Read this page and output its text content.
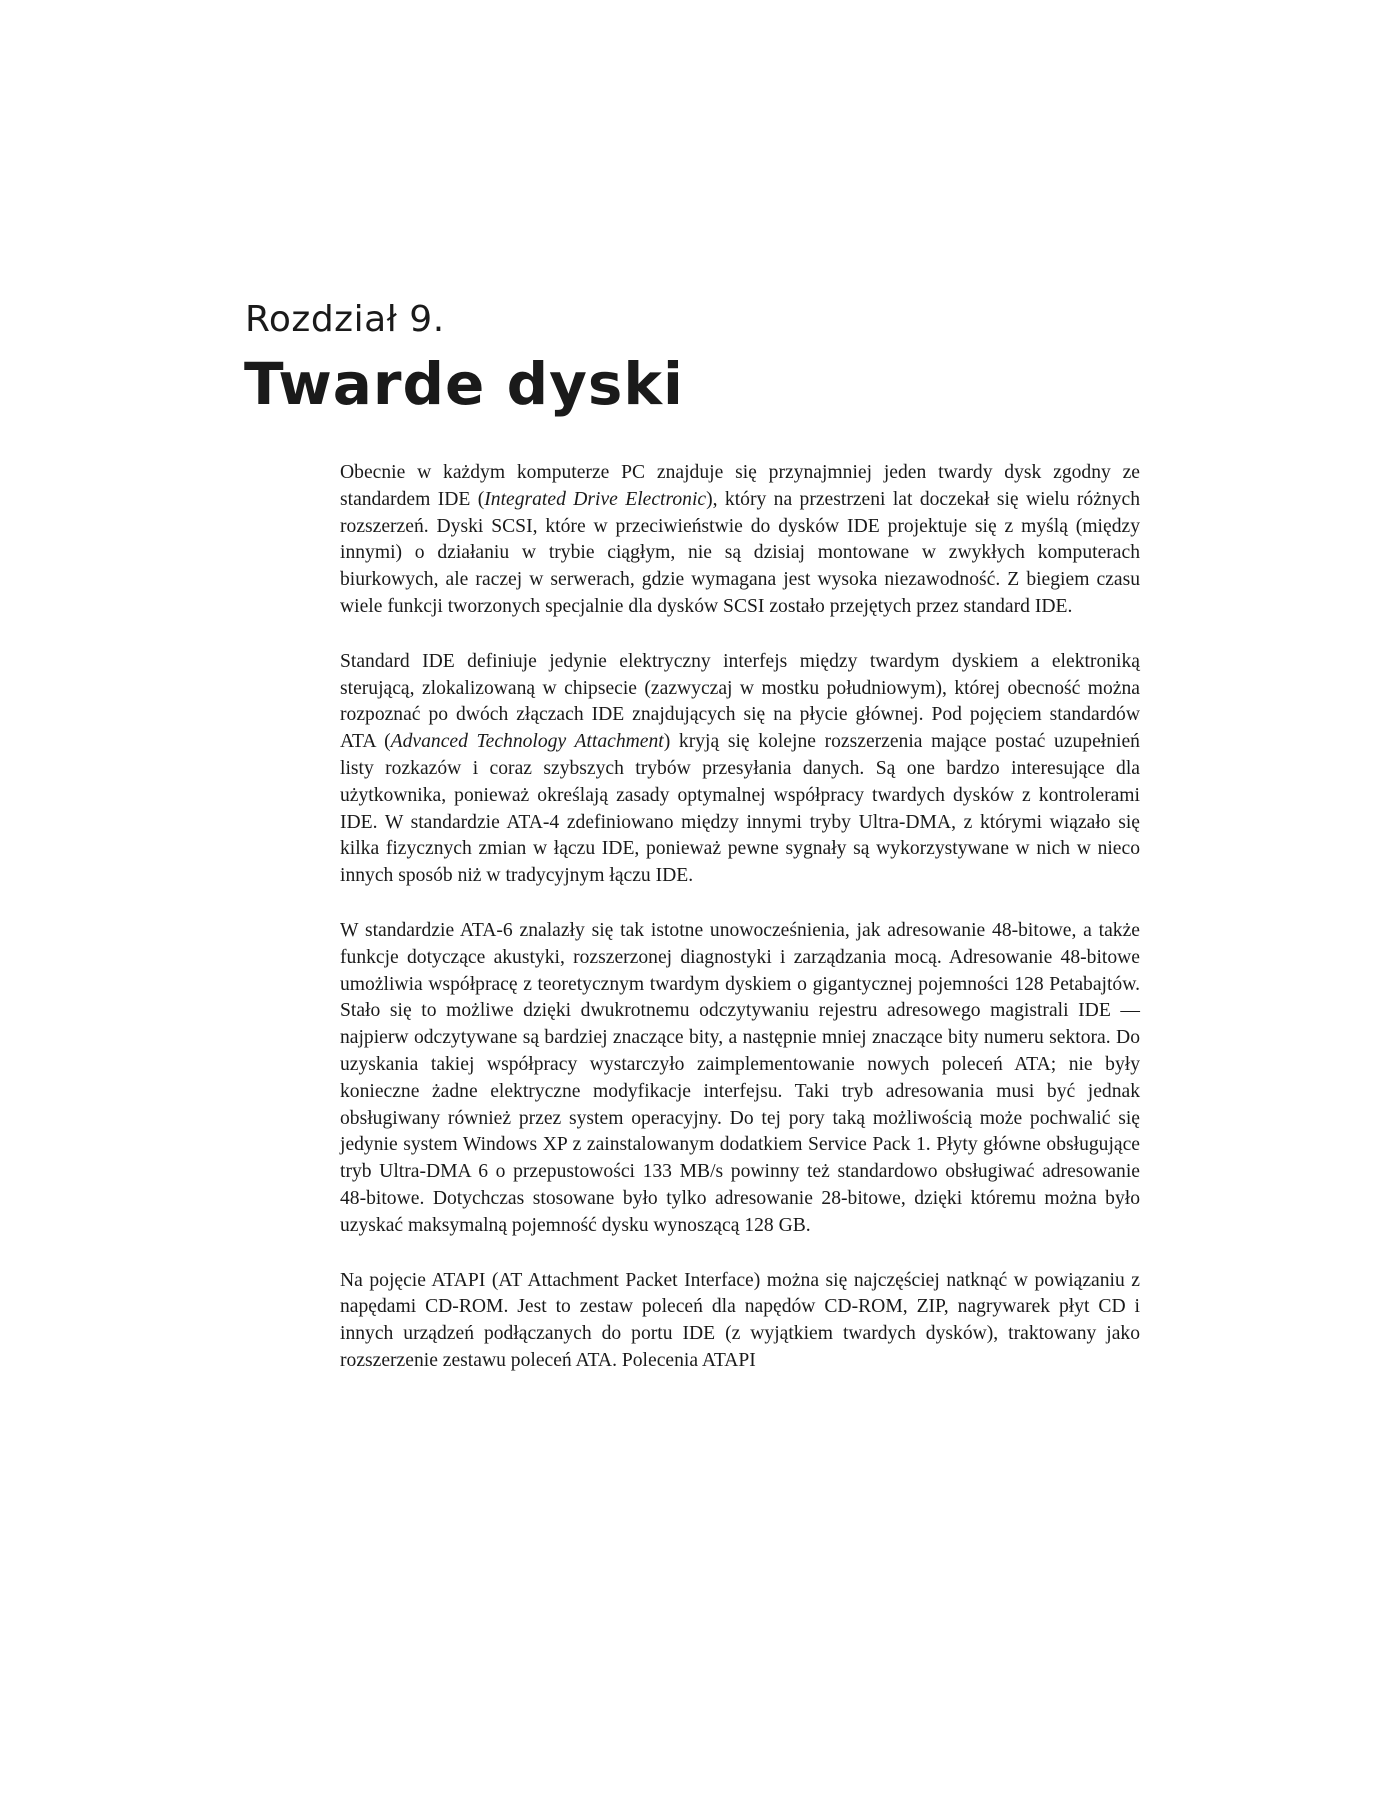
Rozdział 9.
Twarde dyski

Obecnie w każdym komputerze PC znajduje się przynajmniej jeden twardy dysk zgodny ze standardem IDE (Integrated Drive Electronic), który na przestrzeni lat doczekał się wielu różnych rozszerzeń. Dyski SCSI, które w przeciwieństwie do dysków IDE projektuje się z myślą (między innymi) o działaniu w trybie ciągłym, nie są dzisiaj montowane w zwykłych komputerach biurkowych, ale raczej w serwerach, gdzie wymagana jest wysoka niezawodność. Z biegiem czasu wiele funkcji tworzonych specjalnie dla dysków SCSI zostało przejętych przez standard IDE.

Standard IDE definiuje jedynie elektryczny interfejs między twardym dyskiem a elektroniką sterującą, zlokalizowaną w chipsecie (zazwyczaj w mostku południowym), której obecność można rozpoznać po dwóch złączach IDE znajdujących się na płycie głównej. Pod pojęciem standardów ATA (Advanced Technology Attachment) kryją się kolejne rozszerzenia mające postać uzupełnień listy rozkazów i coraz szybszych trybów przesyłania danych. Są one bardzo interesujące dla użytkownika, ponieważ określają zasady optymalnej współpracy twardych dysków z kontrolerami IDE. W standardzie ATA-4 zdefiniowano między innymi tryby Ultra-DMA, z którymi wiązało się kilka fizycznych zmian w łączu IDE, ponieważ pewne sygnały są wykorzystywane w nich w nieco innych sposób niż w tradycyjnym łączu IDE.

W standardzie ATA-6 znalazły się tak istotne unowocześnienia, jak adresowanie 48-bitowe, a także funkcje dotyczące akustyki, rozszerzonej diagnostyki i zarządzania mocą. Adresowanie 48-bitowe umożliwia współpracę z teoretycznym twardym dyskiem o gigantycznej pojemności 128 Petabajtów. Stało się to możliwe dzięki dwukrotnemu odczytywaniu rejestru adresowego magistrali IDE — najpierw odczytywane są bardziej znaczące bity, a następnie mniej znaczące bity numeru sektora. Do uzyskania takiej współpracy wystarczyło zaimplementowanie nowych poleceń ATA; nie były konieczne żadne elektryczne modyfikacje interfejsu. Taki tryb adresowania musi być jednak obsługiwany również przez system operacyjny. Do tej pory taką możliwością może pochwalić się jedynie system Windows XP z zainstalowanym dodatkiem Service Pack 1. Płyty główne obsługujące tryb Ultra-DMA 6 o przepustowości 133 MB/s powinny też standardowo obsługiwać adresowanie 48-bitowe. Dotychczas stosowane było tylko adresowanie 28-bitowe, dzięki któremu można było uzyskać maksymalną pojemność dysku wynoszącą 128 GB.

Na pojęcie ATAPI (AT Attachment Packet Interface) można się najczęściej natknąć w powiązaniu z napędami CD-ROM. Jest to zestaw poleceń dla napędów CD-ROM, ZIP, nagrywarek płyt CD i innych urządzeń podłączanych do portu IDE (z wyjątkiem twardych dysków), traktowany jako rozszerzenie zestawu poleceń ATA. Polecenia ATAPI
